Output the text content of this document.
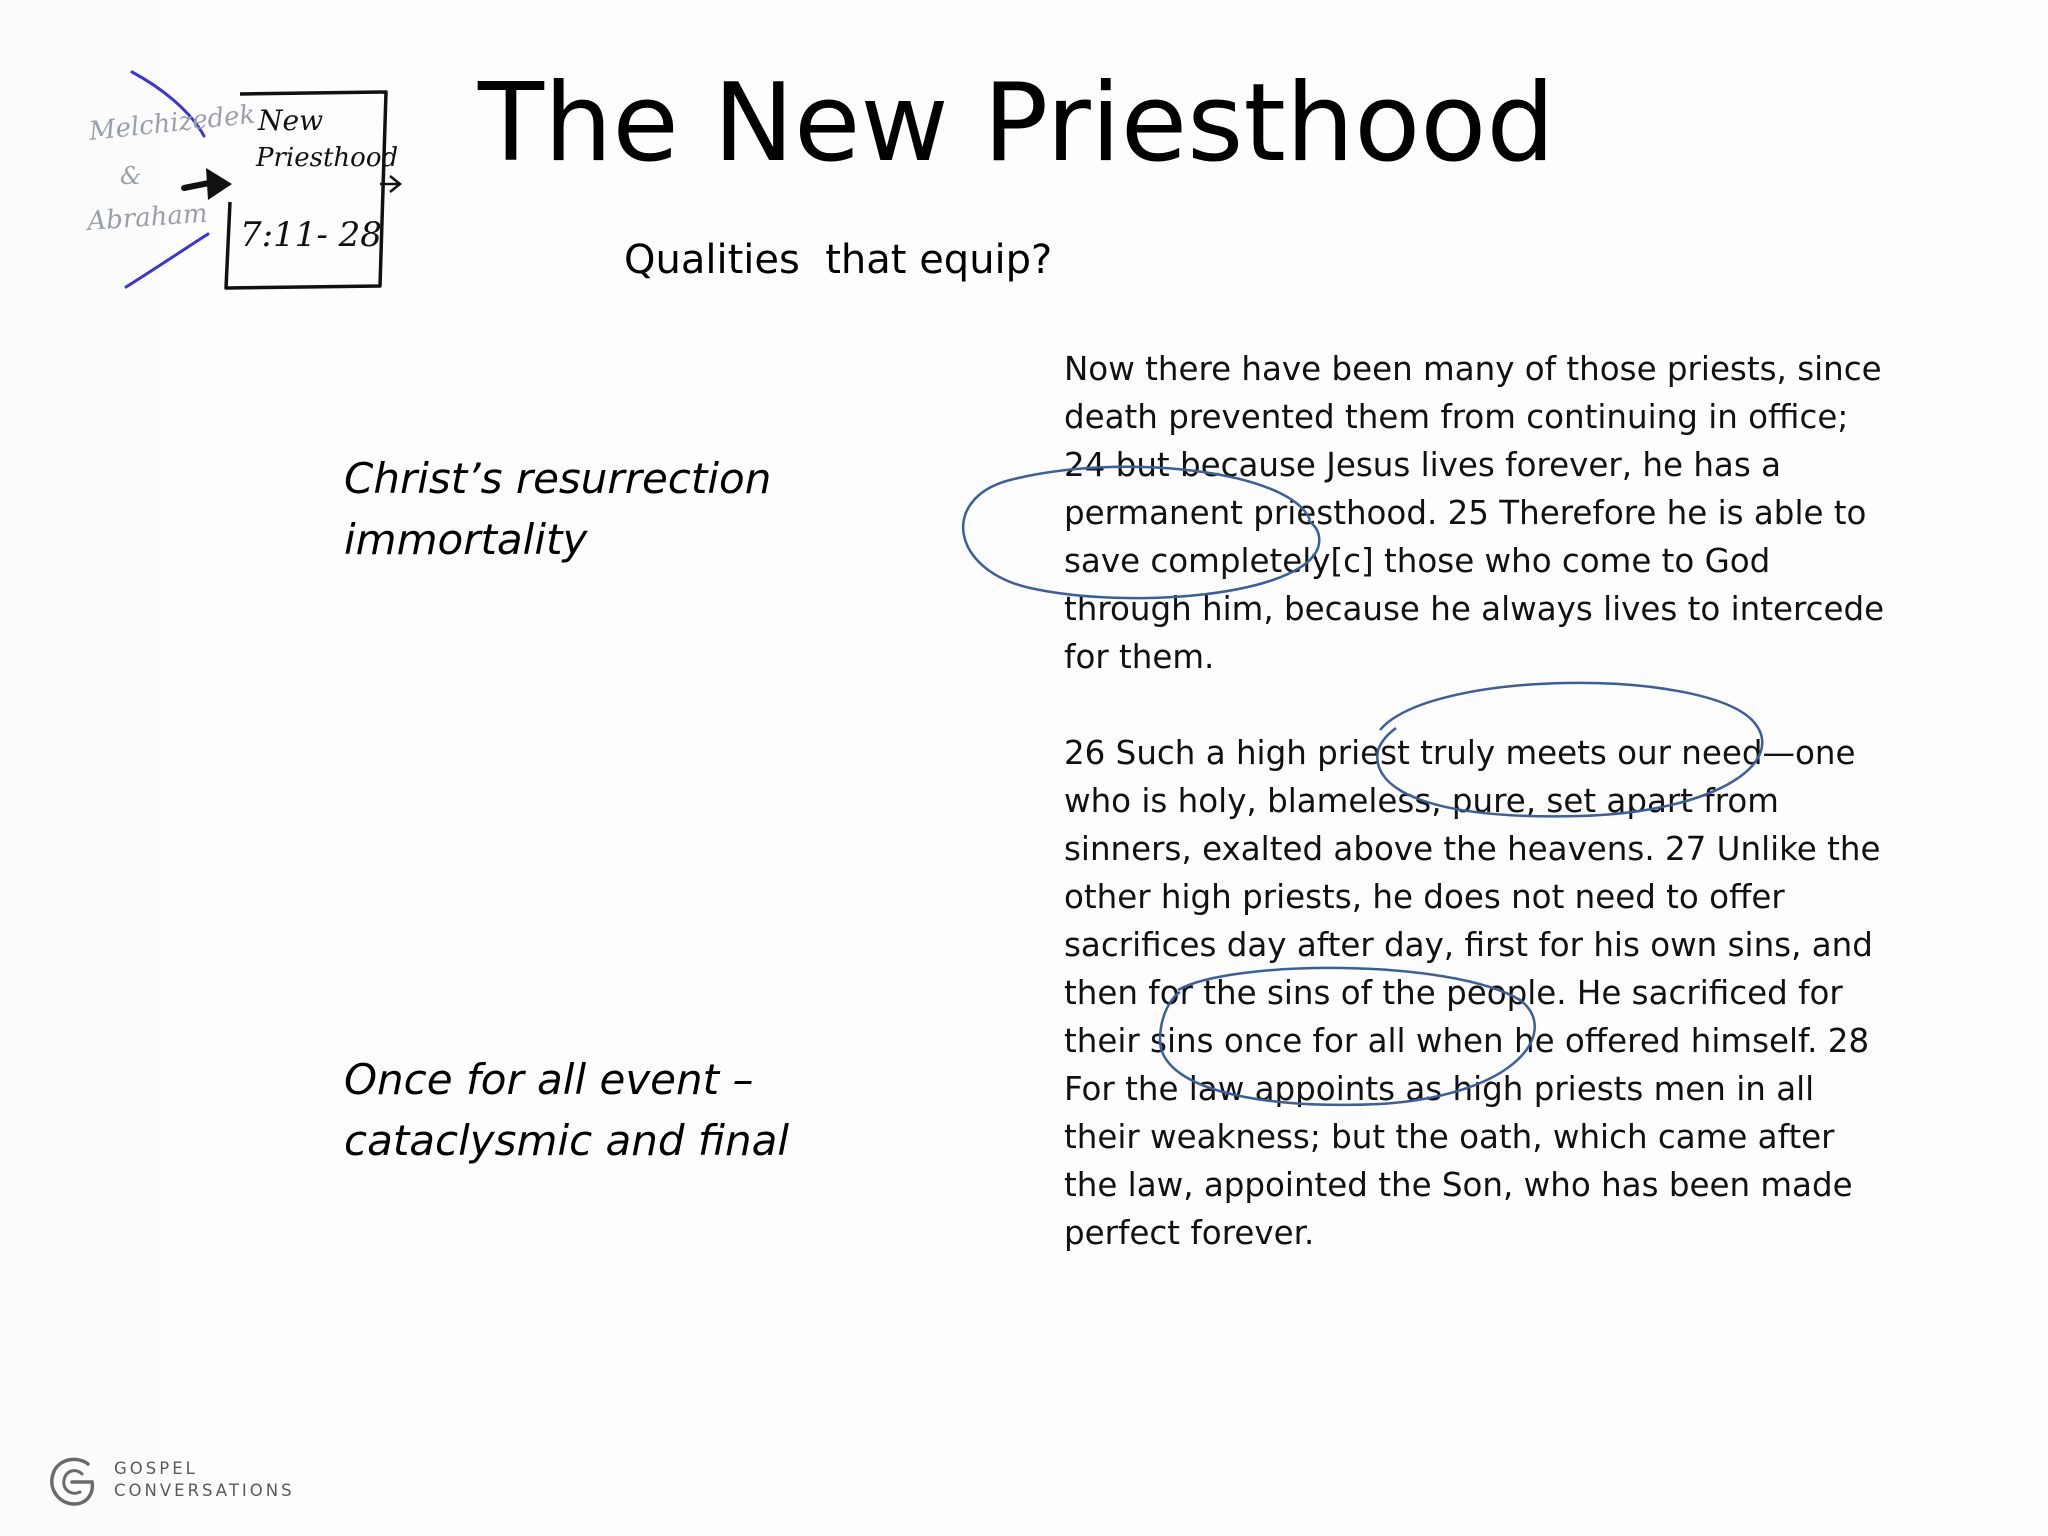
Melchizedek
&
Abraham
New
Priesthood
7:11- 28
The New Priesthood
Qualities  that equip?
Christ’s resurrection
immortality
Once for all event –
cataclysmic and final
Now there have been many of those priests, since
death prevented them from continuing in office;
24 but because Jesus lives forever, he has a
permanent priesthood. 25 Therefore he is able to
save completely[c] those who come to God
through him, because he always lives to intercede
for them.
26 Such a high priest truly meets our need—one
who is holy, blameless, pure, set apart from
sinners, exalted above the heavens. 27 Unlike the
other high priests, he does not need to offer
sacrifices day after day, first for his own sins, and
then for the sins of the people. He sacrificed for
their sins once for all when he offered himself. 28
For the law appoints as high priests men in all
their weakness; but the oath, which came after
the law, appointed the Son, who has been made
perfect forever.
GOSPEL
CONVERSATIONS
